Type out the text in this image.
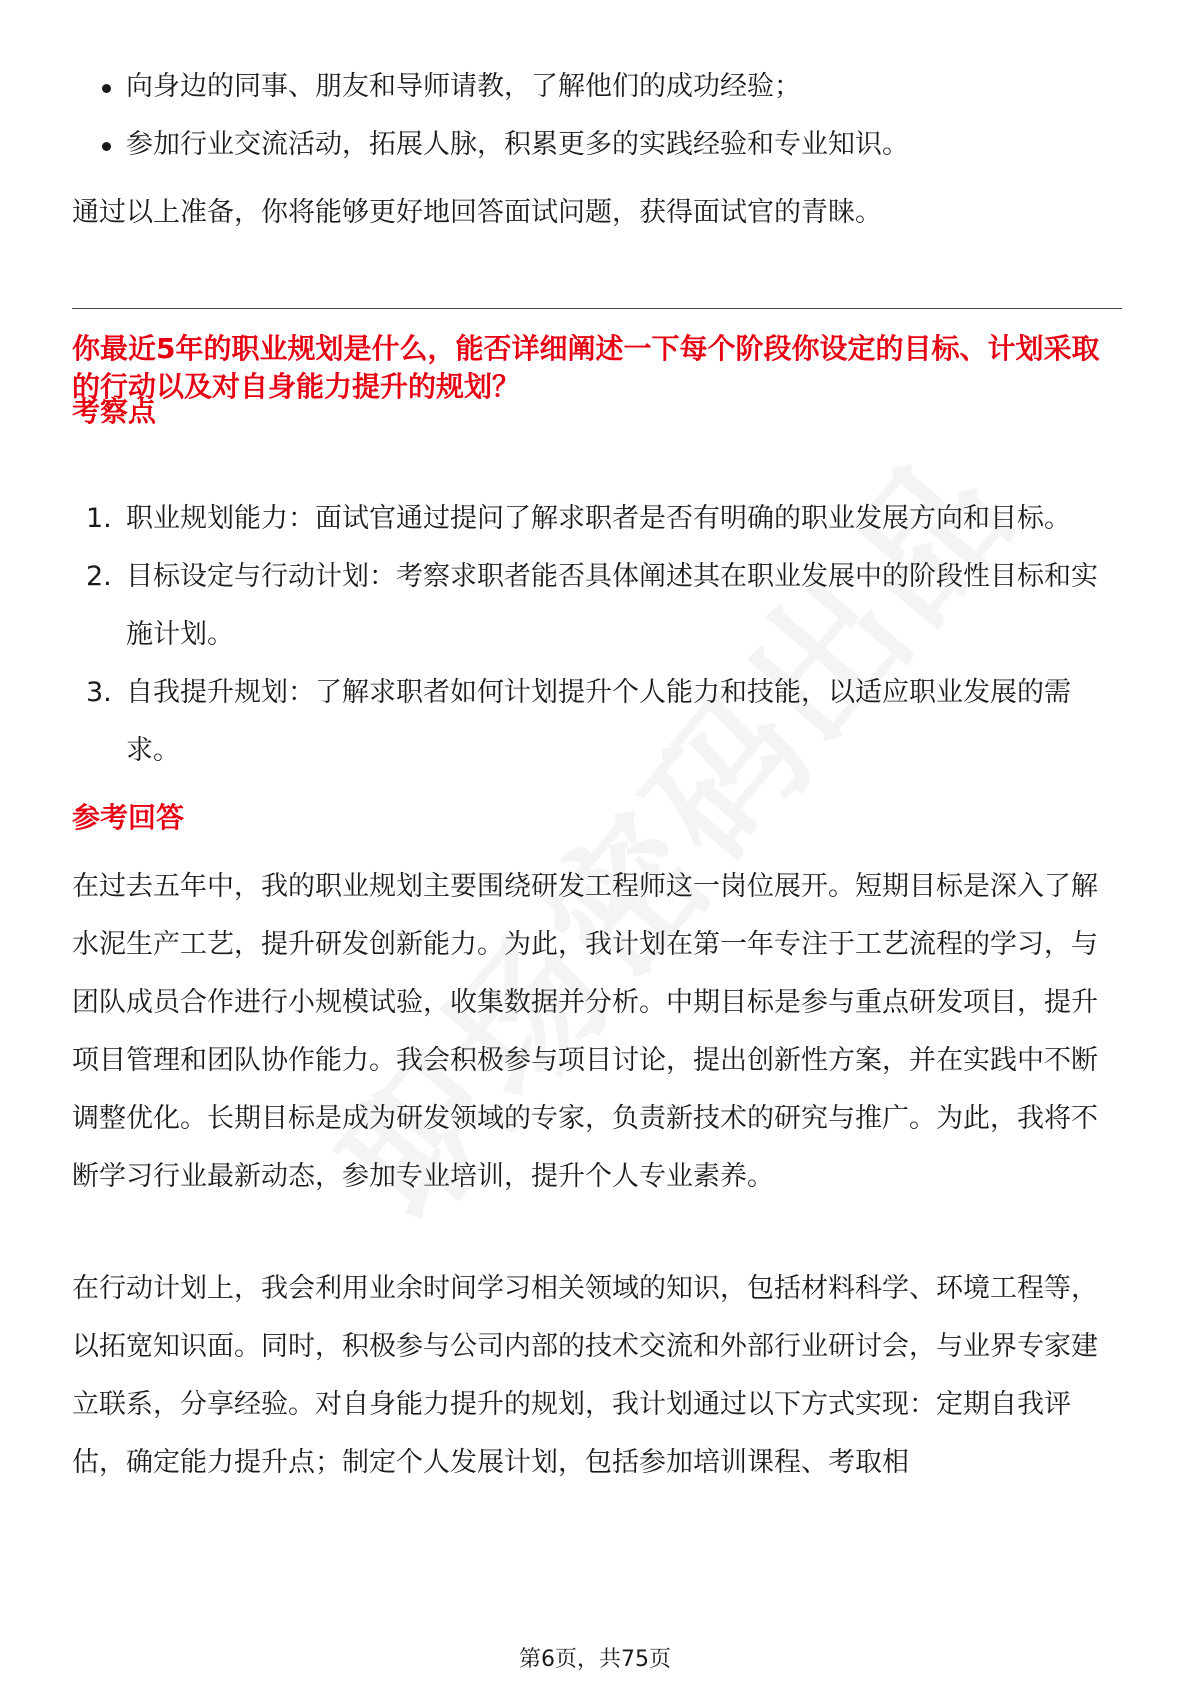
向身边的同事、朋友和导师请教，了解他们的成功经验；
参加行业交流活动，拓展人脉，积累更多的实践经验和专业知识。

通过以上准备，你将能够更好地回答面试问题，获得面试官的青睐。

你最近5年的职业规划是什么，能否详细阐述一下每个阶段你设定的目标、计划采取的行动以及对自身能力提升的规划？
考察点
1. 职业规划能力：面试官通过提问了解求职者是否有明确的职业发展方向和目标。
2. 目标设定与行动计划：考察求职者能否具体阐述其在职业发展中的阶段性目标和实施计划。
3. 自我提升规划：了解求职者如何计划提升个人能力和技能，以适应职业发展的需求。
参考回答

在过去五年中，我的职业规划主要围绕研发工程师这一岗位展开。短期目标是深入了解水泥生产工艺，提升研发创新能力。为此，我计划在第一年专注于工艺流程的学习，与团队成员合作进行小规模试验，收集数据并分析。中期目标是参与重点研发项目，提升项目管理和团队协作能力。我会积极参与项目讨论，提出创新性方案，并在实践中不断调整优化。长期目标是成为研发领域的专家，负责新技术的研究与推广。为此，我将不断学习行业最新动态，参加专业培训，提升个人专业素养。

在行动计划上，我会利用业余时间学习相关领域的知识，包括材料科学、环境工程等，以拓宽知识面。同时，积极参与公司内部的技术交流和外部行业研讨会，与业界专家建立联系，分享经验。对自身能力提升的规划，我计划通过以下方式实现：定期自我评估，确定能力提升点；制定个人发展计划，包括参加培训课程、考取相

第6页，共75页
